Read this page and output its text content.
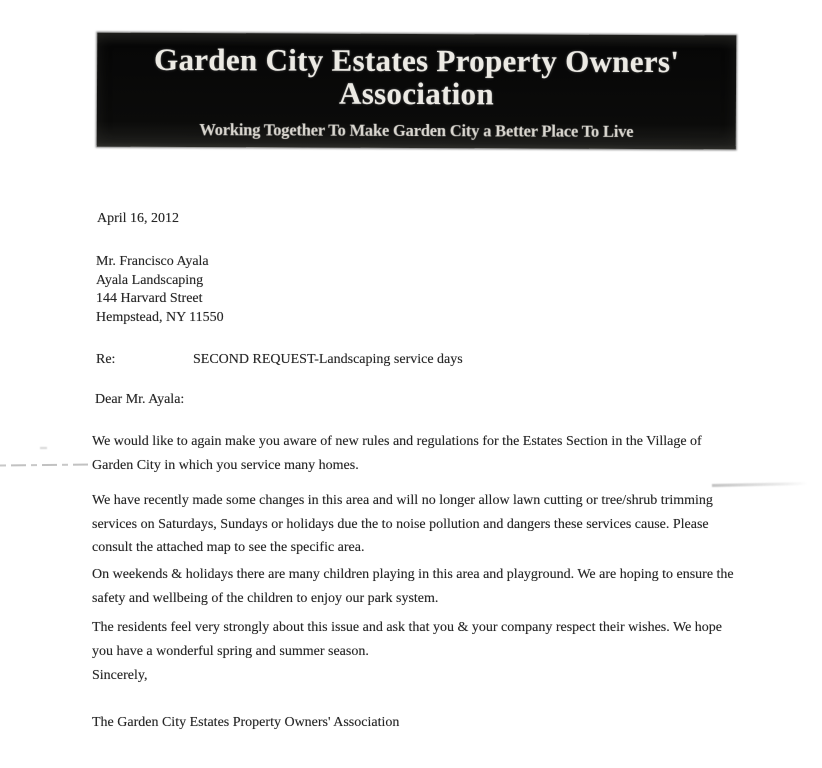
Garden City Estates Property Owners' Association
Working Together To Make Garden City a Better Place To Live
April 16, 2012
Mr. Francisco Ayala
Ayala Landscaping
144 Harvard Street
Hempstead, NY 11550
Re:	SECOND REQUEST-Landscaping service days
Dear Mr. Ayala:
We would like to again make you aware of new rules and regulations for the Estates Section in the Village of Garden City in which you service many homes.
We have recently made some changes in this area and will no longer allow lawn cutting or tree/shrub trimming services on Saturdays, Sundays or holidays due the to noise pollution and dangers these services cause. Please consult the attached map to see the specific area.
On weekends & holidays there are many children playing in this area and playground. We are hoping to ensure the safety and wellbeing of the children to enjoy our park system.
The residents feel very strongly about this issue and ask that you & your company respect their wishes. We hope you have a wonderful spring and summer season.
Sincerely,
The Garden City Estates Property Owners' Association
